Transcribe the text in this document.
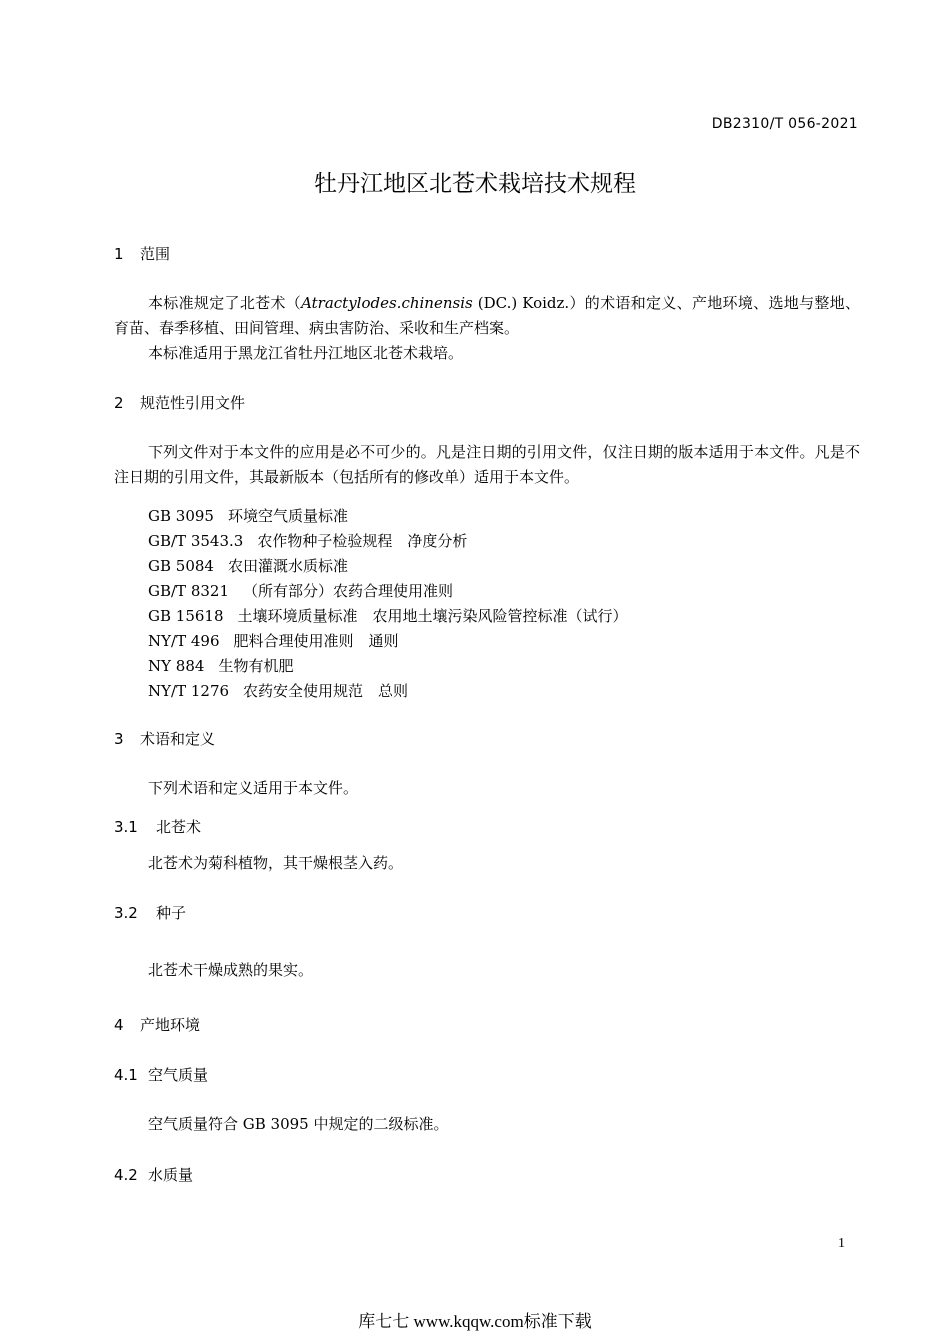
DB2310/T 056-2021
牡丹江地区北苍术栽培技术规程
1 范围
本标准规定了北苍术（Atractylodes.chinensis (DC.) Koidz.）的术语和定义、产地环境、选地与整地、育苗、春季移植、田间管理、病虫害防治、采收和生产档案。
本标准适用于黑龙江省牡丹江地区北苍术栽培。
2 规范性引用文件
下列文件对于本文件的应用是必不可少的。凡是注日期的引用文件，仅注日期的版本适用于本文件。凡是不注日期的引用文件，其最新版本（包括所有的修改单）适用于本文件。
GB 3095 环境空气质量标准
GB/T 3543.3 农作物种子检验规程　净度分析
GB 5084 农田灌溉水质标准
GB/T 8321 （所有部分）农药合理使用准则
GB 15618 土壤环境质量标准　农用地土壤污染风险管控标准（试行）
NY/T 496 肥料合理使用准则　通则
NY 884 生物有机肥
NY/T 1276 农药安全使用规范　总则
3 术语和定义
下列术语和定义适用于本文件。
3.1 北苍术
北苍术为菊科植物，其干燥根茎入药。
3.2 种子
北苍术干燥成熟的果实。
4 产地环境
4.1 空气质量
空气质量符合 GB 3095 中规定的二级标准。
4.2 水质量
1
库七七 www.kqqw.com标准下载
